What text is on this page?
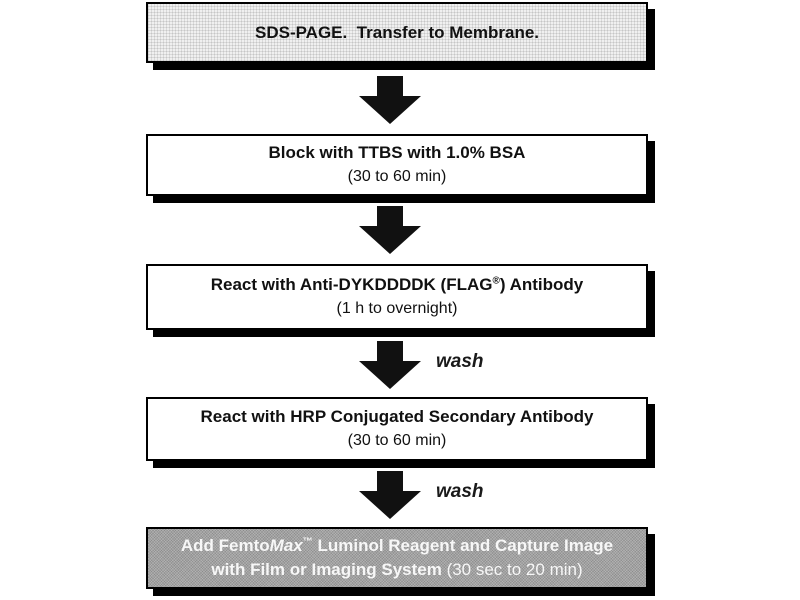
SDS-PAGE.  Transfer to Membrane.
Block with TTBS with 1.0% BSA
(30 to 60 min)
React with Anti-DYKDDDDK (FLAG®) Antibody
(1 h to overnight)
wash
React with HRP Conjugated Secondary Antibody
(30 to 60 min)
wash
Add FemtoMax™ Luminol Reagent and Capture Image
with Film or Imaging System (30 sec to 20 min)
